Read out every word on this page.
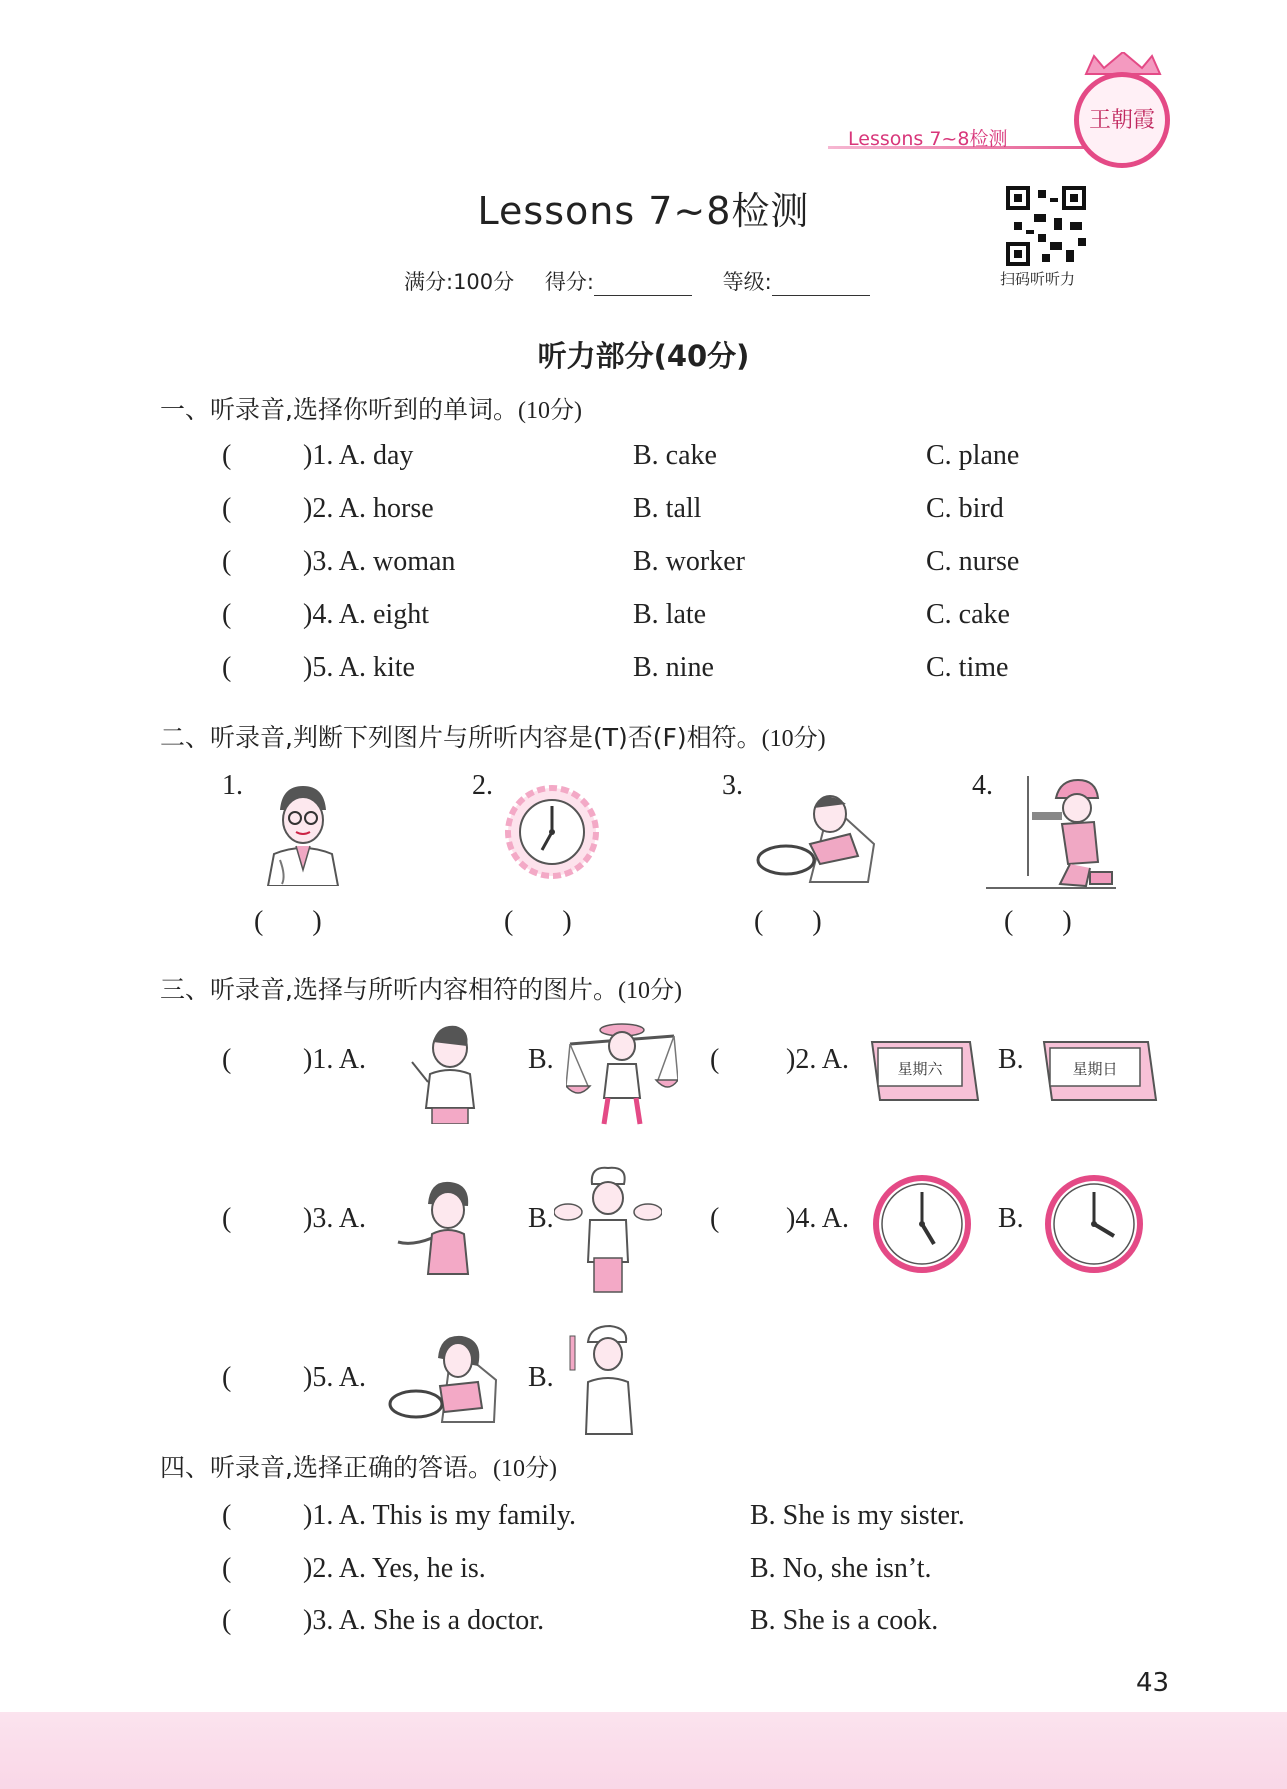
Lessons 7~8检测
王朝霞
Lessons 7~8检测
扫码听听力
满分:100分 得分:	等级:
听力部分(40分)
一、听录音,选择你听到的单词。(10分)
(	)1. A. day	B. cake	C. plane
(	)2. A. horse	B. tall	C. bird
(	)3. A. woman	B. worker	C. nurse
(	)4. A. eight	B. late	C. cake
(	)5. A. kite	B. nine	C. time
二、听录音,判断下列图片与所听内容是(T)否(F)相符。(10分)
1.	2.	3.	4.
(       )	(       )	(       )	(       )
三、听录音,选择与所听内容相符的图片。(10分)
(	)1. A.	B.	( )2. A.	星期六 B.	星期日
(	)3. A.	B.	( )4. A.	B.
(	)5. A.	B.
四、听录音,选择正确的答语。(10分)
(	)1. A. This is my family.	B. She is my sister.
(	)2. A. Yes, he is.	B. No, she isn’t.
(	)3. A. She is a doctor.	B. She is a cook.
43
